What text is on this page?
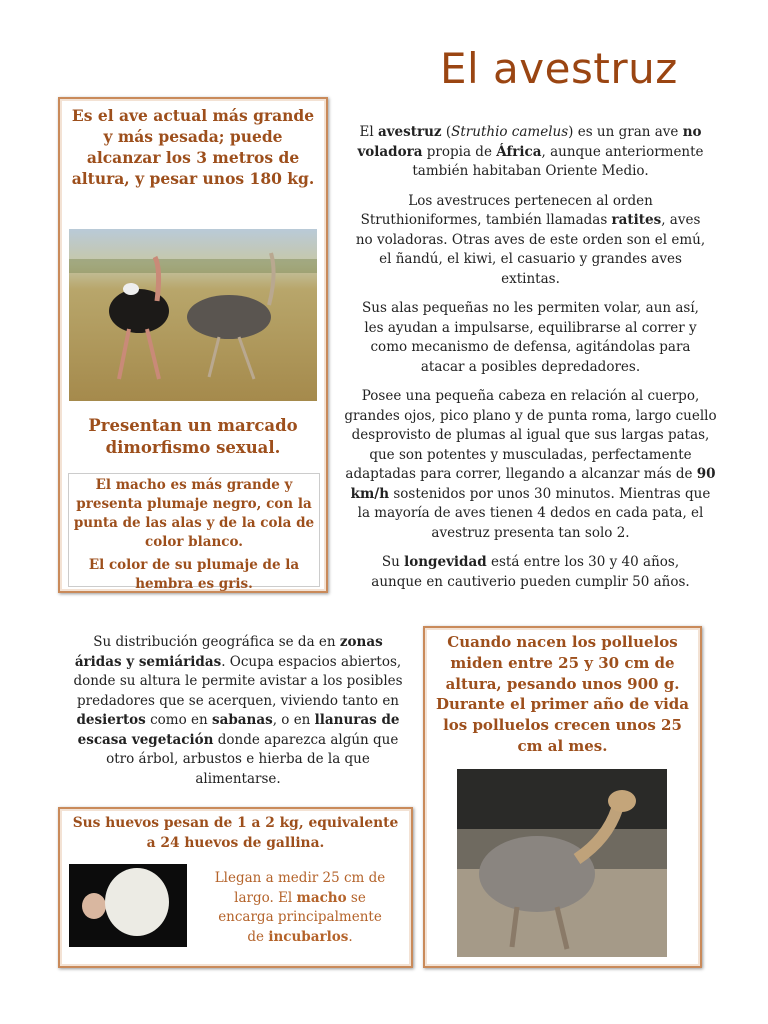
El avestruz
Es el ave actual más grande y más pesada; puede alcanzar los 3 metros de altura, y pesar unos 180 kg.
Presentan un marcado dimorfismo sexual.
El macho es más grande y presenta plumaje negro, con la punta de las alas y de la cola de color blanco.
El color de su plumaje de la hembra es gris.

El avestruz (Struthio camelus) es un gran ave no voladora propia de África, aunque anteriormente también habitaban Oriente Medio.

Los avestruces pertenecen al orden Struthioniformes, también llamadas ratites, aves no voladoras. Otras aves de este orden son el emú, el ñandú, el kiwi, el casuario y grandes aves extintas.

Sus alas pequeñas no les permiten volar, aun así, les ayudan a impulsarse, equilibrarse al correr y como mecanismo de defensa, agitándolas para atacar a posibles depredadores.

Posee una pequeña cabeza en relación al cuerpo, grandes ojos, pico plano y de punta roma, largo cuello desprovisto de plumas al igual que sus largas patas, que son potentes y musculadas, perfectamente adaptadas para correr, llegando a alcanzar más de 90 km/h sostenidos por unos 30 minutos. Mientras que la mayoría de aves tienen 4 dedos en cada pata, el avestruz presenta tan solo 2.

Su longevidad está entre los 30 y 40 años, aunque en cautiverio pueden cumplir 50 años.

Su distribución geográfica se da en zonas áridas y semiáridas. Ocupa espacios abiertos, donde su altura le permite avistar a los posibles predadores que se acerquen, viviendo tanto en desiertos como en sabanas, o en llanuras de escasa vegetación donde aparezca algún que otro árbol, arbustos e hierba de la que alimentarse.
Sus huevos pesan de 1 a 2 kg, equivalente a 24 huevos de gallina.
Llegan a medir 25 cm de largo. El macho se encarga principalmente de incubarlos.
Cuando nacen los polluelos miden entre 25 y 30 cm de altura, pesando unos 900 g. Durante el primer año de vida los polluelos crecen unos 25 cm al mes.
